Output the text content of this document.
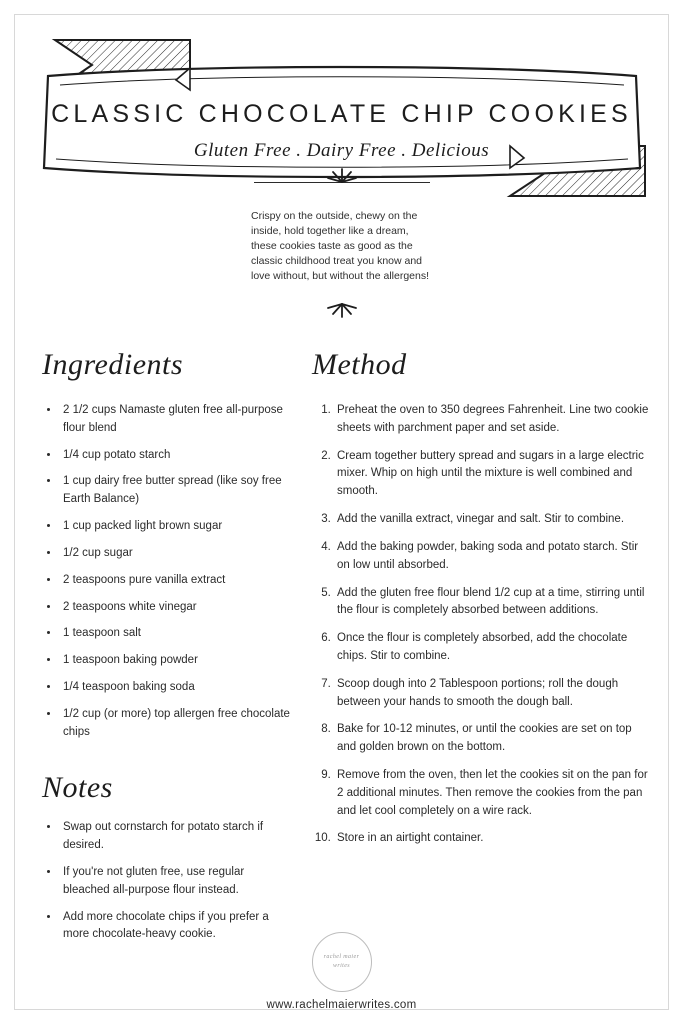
CLASSIC CHOCOLATE CHIP COOKIES
Gluten Free . Dairy Free . Delicious
Crispy on the outside, chewy on the inside, hold together like a dream, these cookies taste as good as the classic childhood treat you know and love without, but without the allergens!
Ingredients
• 2 1/2 cups Namaste gluten free all-purpose flour blend
• 1/4 cup potato starch
• 1 cup dairy free butter spread (like soy free Earth Balance)
• 1 cup packed light brown sugar
• 1/2 cup sugar
• 2 teaspoons pure vanilla extract
• 2 teaspoons white vinegar
• 1 teaspoon salt
• 1 teaspoon baking powder
• 1/4 teaspoon baking soda
• 1/2 cup (or more) top allergen free chocolate chips
Notes
• Swap out cornstarch for potato starch if desired.
• If you're not gluten free, use regular bleached all-purpose flour instead.
• Add more chocolate chips if you prefer a more chocolate-heavy cookie.
Method
1. Preheat the oven to 350 degrees Fahrenheit. Line two cookie sheets with parchment paper and set aside.
2. Cream together buttery spread and sugars in a large electric mixer. Whip on high until the mixture is well combined and smooth.
3. Add the vanilla extract, vinegar and salt. Stir to combine.
4. Add the baking powder, baking soda and potato starch. Stir on low until absorbed.
5. Add the gluten free flour blend 1/2 cup at a time, stirring until the flour is completely absorbed between additions.
6. Once the flour is completely absorbed, add the chocolate chips. Stir to combine.
7. Scoop dough into 2 Tablespoon portions; roll the dough between your hands to smooth the dough ball.
8. Bake for 10-12 minutes, or until the cookies are set on top and golden brown on the bottom.
9. Remove from the oven, then let the cookies sit on the pan for 2 additional minutes. Then remove the cookies from the pan and let cool completely on a wire rack.
10. Store in an airtight container.
rachel maier
writes
www.rachelmaierwrites.com
